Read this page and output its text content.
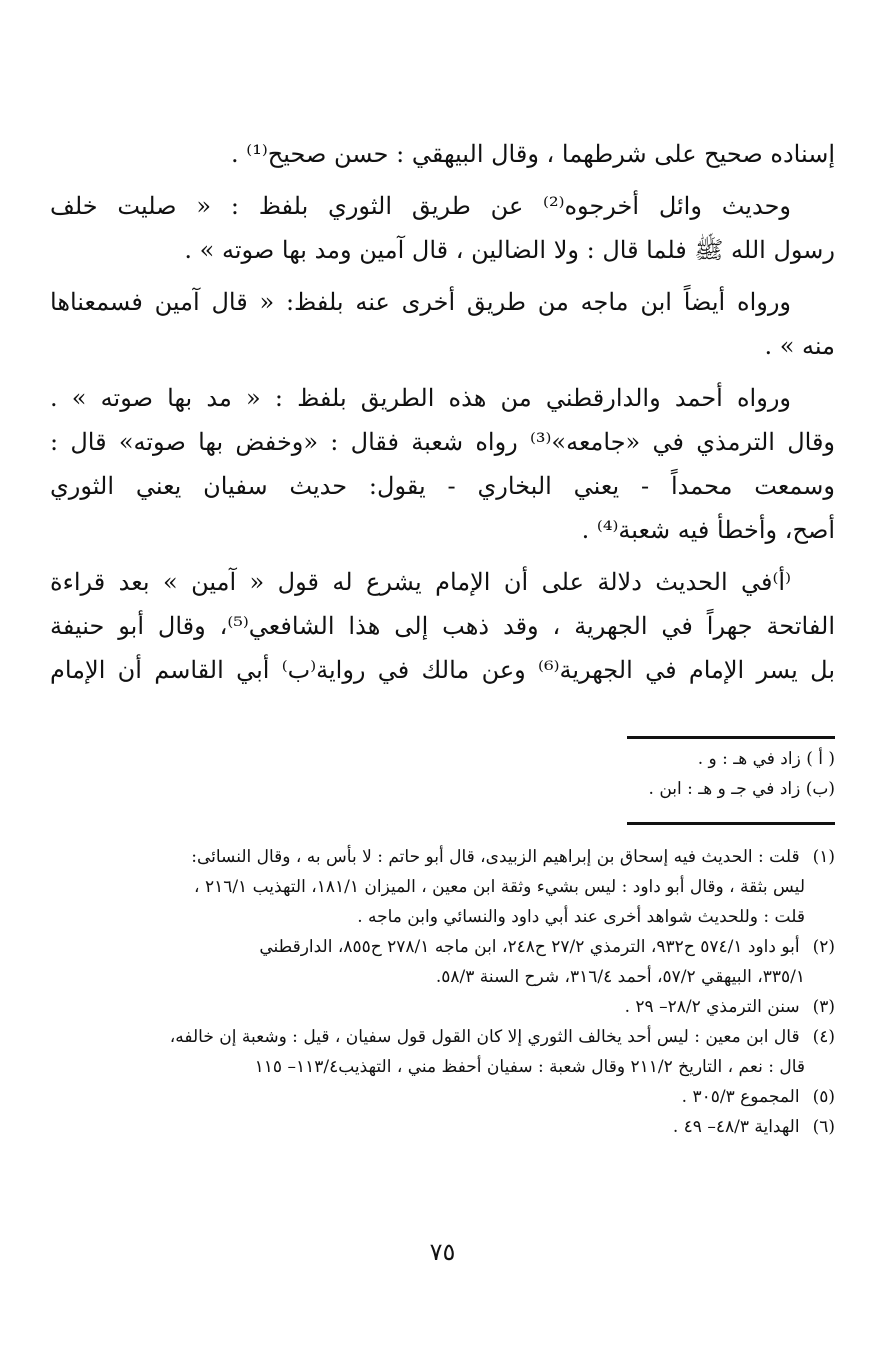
إسناده صحيح على شرطهما ، وقال البيهقي : حسن صحيح⁽¹⁾ .

وحديث وائل أخرجوه⁽²⁾ عن طريق الثوري بلفظ : « صليت خلف

رسول الله ﷺ فلما قال : ولا الضالين ، قال آمين ومد بها صوته » .

ورواه أيضاً ابن ماجه من طريق أخرى عنه بلفظ: « قال آمين فسمعناها

منه » .

ورواه أحمد والدارقطني من هذه الطريق بلفظ : « مد بها صوته » .

وقال الترمذي في «جامعه»⁽³⁾ رواه شعبة فقال : «وخفض بها صوته» قال :

وسمعت محمداً - يعني البخاري - يقول: حديث سفيان يعني الثوري

أصح، وأخطأ فيه شعبة⁽⁴⁾ .

⁽أ⁾في الحديث دلالة على أن الإمام يشرع له قول « آمين » بعد قراءة

الفاتحة جهراً في الجهرية ، وقد ذهب إلى هذا الشافعي⁽⁵⁾، وقال أبو حنيفة

بل يسر الإمام في الجهرية⁽⁶⁾ وعن مالك في رواية⁽ب⁾ أبي القاسم أن الإمام

( أ ) زاد في هـ : و .
(ب) زاد في جـ و هـ : ابن .

(١) قلت : الحديث فيه إسحاق بن إبراهيم الزبيدى، قال أبو حاتم : لا بأس به ، وقال النسائى:

ليس بثقة ، وقال أبو داود : ليس بشيء وثقة ابن معين ، الميزان ١٨١/١، التهذيب ٢١٦/١ ،

قلت : وللحديث شواهد أخرى عند أبي داود والنسائي وابن ماجه .

(٢) أبو داود ٥٧٤/١ ح٩٣٢، الترمذي ٢٧/٢ ح٢٤٨، ابن ماجه ٢٧٨/١ ح٨٥٥، الدارقطني

٣٣٥/١، البيهقي ٥٧/٢، أحمد ٣١٦/٤، شرح السنة ٥٨/٣.

(٣) سنن الترمذي ٢٨/٢– ٢٩ .

(٤) قال ابن معين : ليس أحد يخالف الثوري إلا كان القول قول سفيان ، قيل : وشعبة إن خالفه،

قال : نعم ، التاريخ ٢١١/٢ وقال شعبة : سفيان أحفظ مني ، التهذيب١١٣/٤– ١١٥

(٥) المجموع ٣٠٥/٣ .

(٦) الهداية ٤٨/٣– ٤٩ .

٧٥
